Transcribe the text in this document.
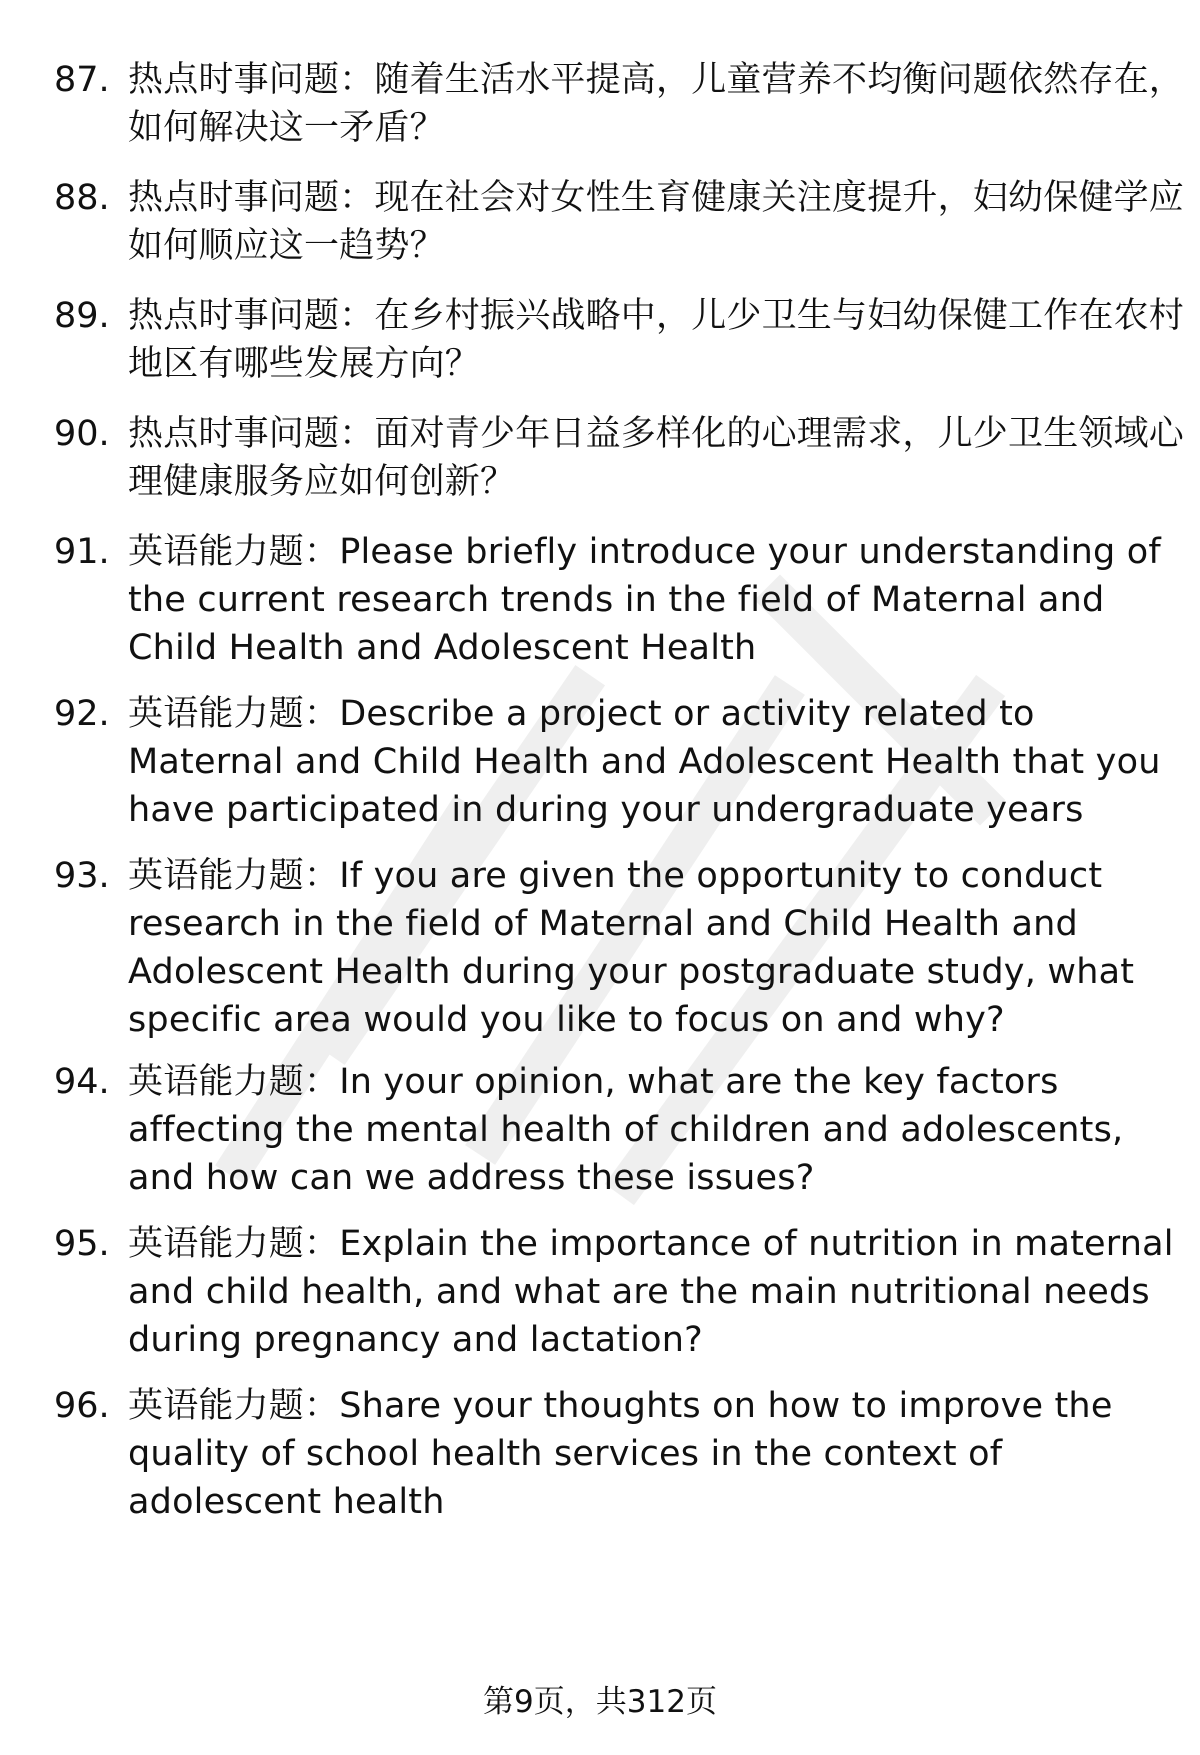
87. 热点时事问题：随着生活水平提高，儿童营养不均衡问题依然存在，如何解决这一矛盾？
88. 热点时事问题：现在社会对女性生育健康关注度提升，妇幼保健学应如何顺应这一趋势？
89. 热点时事问题：在乡村振兴战略中，儿少卫生与妇幼保健工作在农村地区有哪些发展方向？
90. 热点时事问题：面对青少年日益多样化的心理需求，儿少卫生领域心理健康服务应如何创新？
91. 英语能力题：Please briefly introduce your understanding of the current research trends in the field of Maternal and Child Health and Adolescent Health
92. 英语能力题：Describe a project or activity related to Maternal and Child Health and Adolescent Health that you have participated in during your undergraduate years
93. 英语能力题：If you are given the opportunity to conduct research in the field of Maternal and Child Health and Adolescent Health during your postgraduate study, what specific area would you like to focus on and why?
94. 英语能力题：In your opinion, what are the key factors affecting the mental health of children and adolescents, and how can we address these issues?
95. 英语能力题：Explain the importance of nutrition in maternal and child health, and what are the main nutritional needs during pregnancy and lactation?
96. 英语能力题：Share your thoughts on how to improve the quality of school health services in the context of adolescent health
第9页，共312页
